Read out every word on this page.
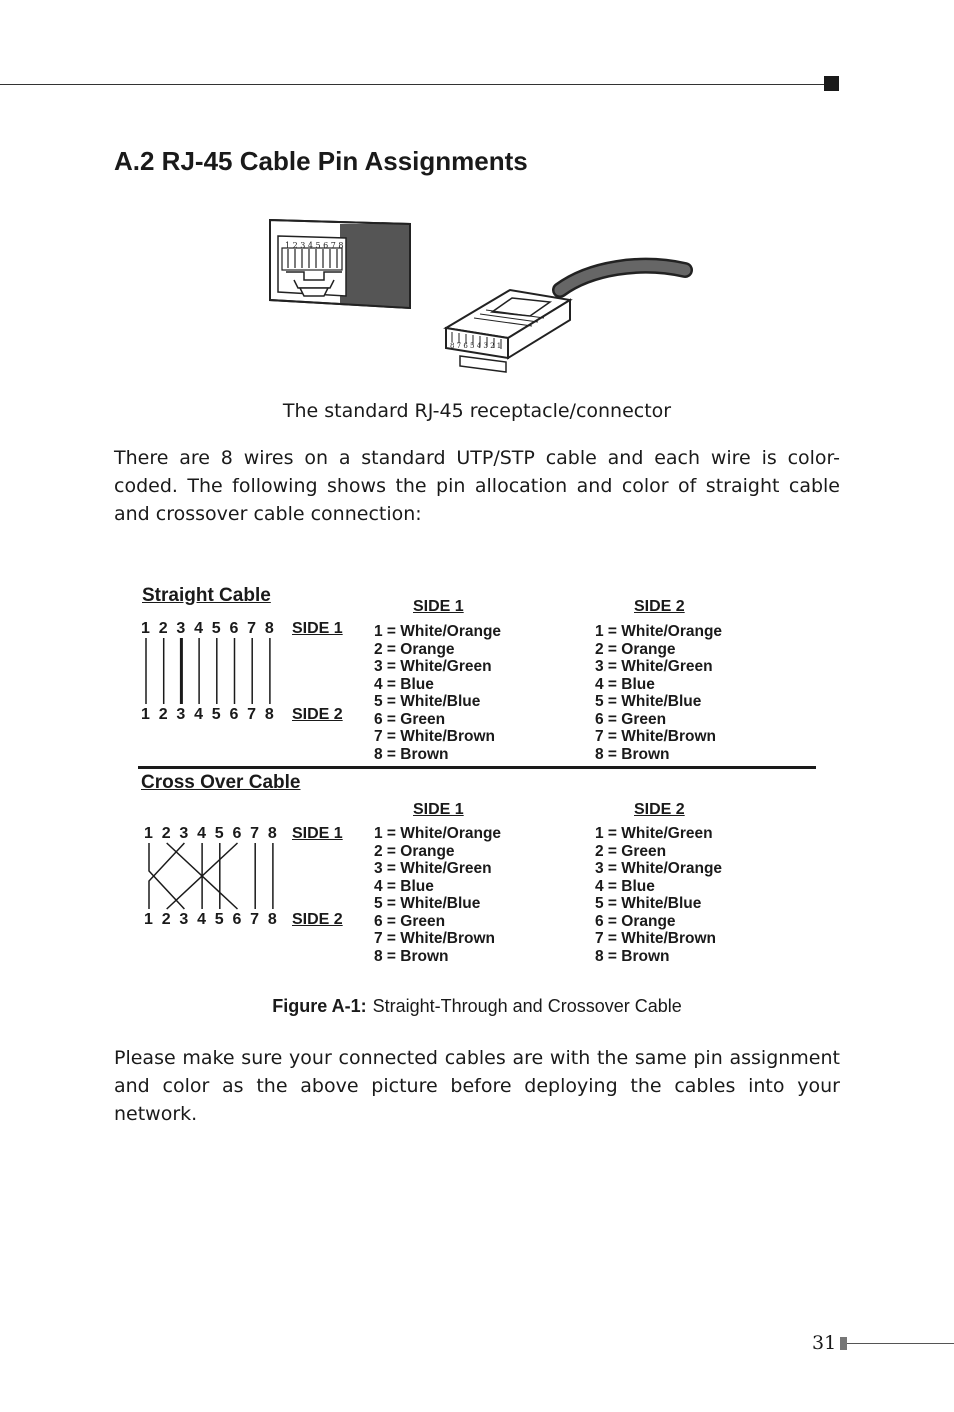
A.2 RJ-45 Cable Pin Assignments
1 2 3 4 5 6 7 8
8 7 6 5 4 3 2 1
The standard RJ-45 receptacle/connector
There are 8 wires on a standard UTP/STP cable and each wire is color-coded. The following shows the pin allocation and color of straight cable and crossover cable connection:
Straight Cable
1 2 3 4 5 6 7 8
1 2 3 4 5 6 7 8
SIDE 1
SIDE 2
SIDE 1	SIDE 2
1 = White/Orange
2 = Orange
3 = White/Green
4 = Blue
5 = White/Blue
6 = Green
7 = White/Brown
8 = Brown
1 = White/Orange
2 = Orange
3 = White/Green
4 = Blue
5 = White/Blue
6 = Green
7 = White/Brown
8 = Brown
Cross Over Cable
1 2 3 4 5 6 7 8
1 2 3 4 5 6 7 8
SIDE 1
SIDE 2
SIDE 1	SIDE 2
1 = White/Orange
2 = Orange
3 = White/Green
4 = Blue
5 = White/Blue
6 = Green
7 = White/Brown
8 = Brown
1 = White/Green
2 = Green
3 = White/Orange
4 = Blue
5 = White/Blue
6 = Orange
7 = White/Brown
8 = Brown
Figure A-1: Straight-Through and Crossover Cable
Please make sure your connected cables are with the same pin assignment and color as the above picture before deploying the cables into your network.
31
